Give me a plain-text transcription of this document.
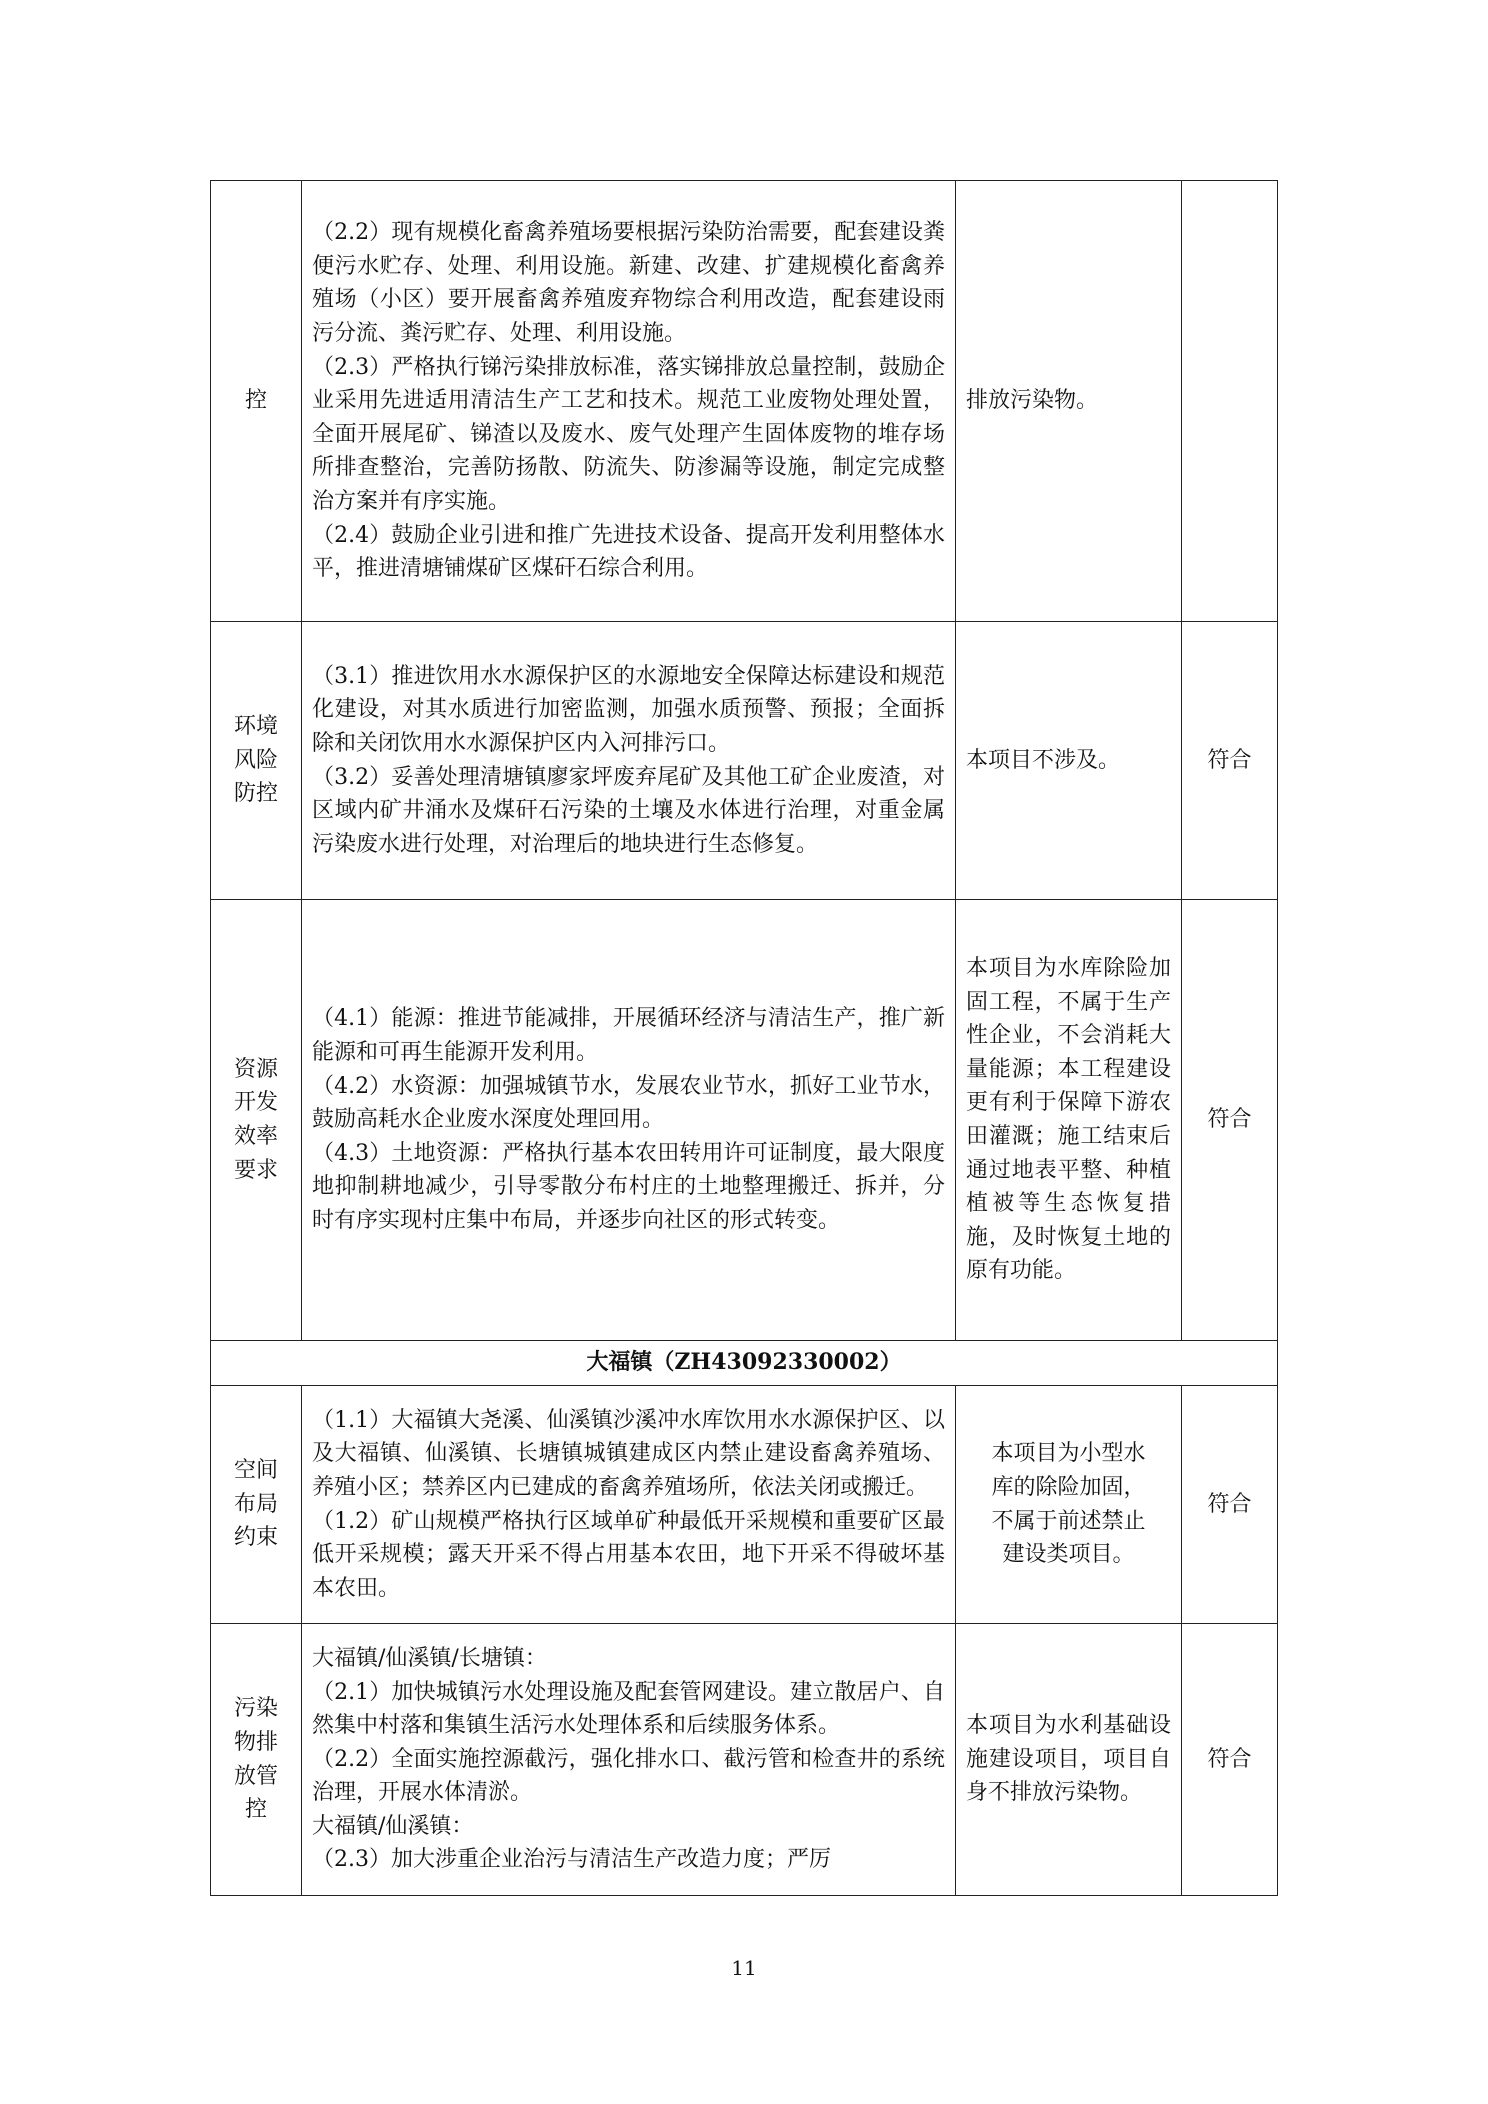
控	（2.2）现有规模化畜禽养殖场要根据污染防治需要，配套建设粪便污水贮存、处理、利用设施。新建、改建、扩建规模化畜禽养殖场（小区）要开展畜禽养殖废弃物综合利用改造，配套建设雨污分流、粪污贮存、处理、利用设施。
（2.3）严格执行锑污染排放标准，落实锑排放总量控制，鼓励企业采用先进适用清洁生产工艺和技术。规范工业废物处理处置，全面开展尾矿、锑渣以及废水、废气处理产生固体废物的堆存场所排查整治，完善防扬散、防流失、防渗漏等设施，制定完成整治方案并有序实施。
（2.4）鼓励企业引进和推广先进技术设备、提高开发利用整体水平，推进清塘铺煤矿区煤矸石综合利用。	排放污染物。	

环境
风险
防控	（3.1）推进饮用水水源保护区的水源地安全保障达标建设和规范化建设，对其水质进行加密监测，加强水质预警、预报；全面拆除和关闭饮用水水源保护区内入河排污口。
（3.2）妥善处理清塘镇廖家坪废弃尾矿及其他工矿企业废渣，对区域内矿井涌水及煤矸石污染的土壤及水体进行治理，对重金属污染废水进行处理，对治理后的地块进行生态修复。	本项目不涉及。	符合

资源
开发
效率
要求	（4.1）能源：推进节能减排，开展循环经济与清洁生产，推广新能源和可再生能源开发利用。
（4.2）水资源：加强城镇节水，发展农业节水，抓好工业节水，鼓励高耗水企业废水深度处理回用。
（4.3）土地资源：严格执行基本农田转用许可证制度，最大限度地抑制耕地减少，引导零散分布村庄的土地整理搬迁、拆并，分时有序实现村庄集中布局，并逐步向社区的形式转变。	本项目为水库除险加固工程，不属于生产性企业，不会消耗大量能源；本工程建设更有利于保障下游农田灌溉；施工结束后通过地表平整、种植植被等生态恢复措施，及时恢复土地的原有功能。	符合
大福镇（ZH43092330002）			

空间
布局
约束	（1.1）大福镇大尧溪、仙溪镇沙溪冲水库饮用水水源保护区、以及大福镇、仙溪镇、长塘镇城镇建成区内禁止建设畜禽养殖场、养殖小区；禁养区内已建成的畜禽养殖场所，依法关闭或搬迁。
（1.2）矿山规模严格执行区域单矿种最低开采规模和重要矿区最低开采规模；露天开采不得占用基本农田，地下开采不得破坏基本农田。	本项目为小型水
库的除险加固，
不属于前述禁止
建设类项目。	符合

污染
物排
放管
控	大福镇/仙溪镇/长塘镇：
（2.1）加快城镇污水处理设施及配套管网建设。建立散居户、自然集中村落和集镇生活污水处理体系和后续服务体系。
（2.2）全面实施控源截污，强化排水口、截污管和检查井的系统治理，开展水体清淤。
大福镇/仙溪镇：
（2.3）加大涉重企业治污与清洁生产改造力度；严厉	本项目为水利基础设施建设项目，项目自身不排放污染物。	符合
11
